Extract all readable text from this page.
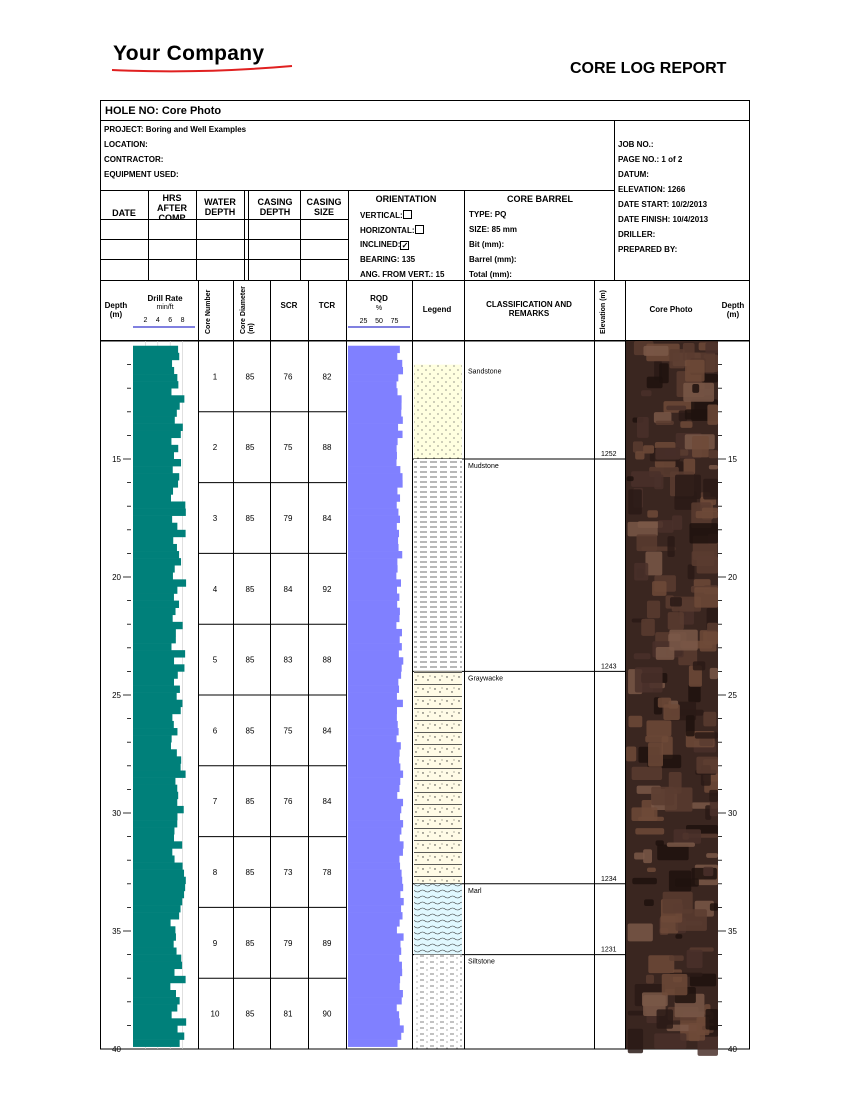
Your Company
CORE LOG REPORT
HOLE NO: Core Photo
PROJECT: Boring and Well Examples
LOCATION:
CONTRACTOR:
EQUIPMENT USED:
JOB NO.:
PAGE NO.: 1 of 2
DATUM:
ELEVATION: 1266
DATE START: 10/2/2013
DATE FINISH: 10/4/2013
DRILLER:
PREPARED BY:
DATE
HRS AFTER COMP
WATER DEPTH
CASING DEPTH
CASING SIZE
ORIENTATION
VERTICAL:
HORIZONTAL:
INCLINED:✓
BEARING: 135
ANG. FROM VERT.: 15
CORE BARREL
TYPE: PQ
SIZE: 85 mm
Bit (mm):
Barrel (mm):
Total (mm):
Depth (m)
Drill Rate
min/ft	Core Number	Core Diameter (m)
SCR	TCR
RQD
%	Legend
CLASSIFICATION AND REMARKS	Elevation (m)	Core Photo	Depth (m)
2 4 6 8	25 50 75
1	85	76	82
2	85	75	88
3	85	79	84
4	85	84	92
5	85	83	88
6	85	75	84
7	85	76	84
8	85	73	78
9	85	79	89
10	85	81	90
Sandstone
1252
Mudstone
1243
Graywacke
1234
Marl
1231
Siltstone
15	15
20	20
25	25
30	30
35	35
40	40
